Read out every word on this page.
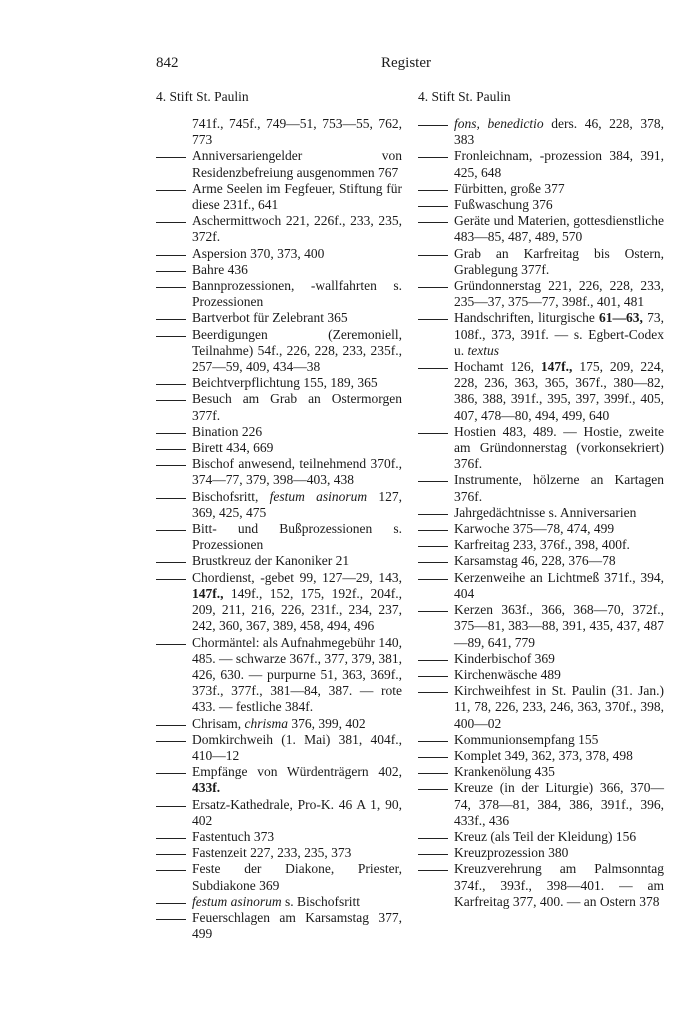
842	Register
4. Stift St. Paulin	4. Stift St. Paulin
741f., 745f., 749—51, 753—55, 762, 773
Anniversariengelder von Residenzbefreiung ausgenommen 767
Arme Seelen im Fegfeuer, Stiftung für diese 231f., 641
Aschermittwoch 221, 226f., 233, 235, 372f.
Aspersion 370, 373, 400
Bahre 436
Bannprozessionen, -wallfahrten s. Prozessionen
Bartverbot für Zelebrant 365
Beerdigungen (Zeremoniell, Teilnahme) 54f., 226, 228, 233, 235f., 257—59, 409, 434—38
Beichtverpflichtung 155, 189, 365
Besuch am Grab an Ostermorgen 377f.
Bination 226
Birett 434, 669
Bischof anwesend, teilnehmend 370f., 374—77, 379, 398—403, 438
Bischofsritt, festum asinorum 127, 369, 425, 475
Bitt- und Bußprozessionen s. Prozessionen
Brustkreuz der Kanoniker 21
Chordienst, -gebet 99, 127—29, 143, 147f., 149f., 152, 175, 192f., 204f., 209, 211, 216, 226, 231f., 234, 237, 242, 360, 367, 389, 458, 494, 496
Chormäntel: als Aufnahmegebühr 140, 485. — schwarze 367f., 377, 379, 381, 426, 630. — purpurne 51, 363, 369f., 373f., 377f., 381—84, 387. — rote 433. — festliche 384f.
Chrisam, chrisma 376, 399, 402
Domkirchweih (1. Mai) 381, 404f., 410—12
Empfänge von Würdenträgern 402, 433f.
Ersatz-Kathedrale, Pro-K. 46 A 1, 90, 402
Fastentuch 373
Fastenzeit 227, 233, 235, 373
Feste der Diakone, Priester, Subdiakone 369
festum asinorum s. Bischofsritt
Feuerschlagen am Karsamstag 377, 499
fons, benedictio ders. 46, 228, 378, 383
Fronleichnam, -prozession 384, 391, 425, 648
Fürbitten, große 377
Fußwaschung 376
Geräte und Materien, gottesdienstliche 483—85, 487, 489, 570
Grab an Karfreitag bis Ostern, Grablegung 377f.
Gründonnerstag 221, 226, 228, 233, 235—37, 375—77, 398f., 401, 481
Handschriften, liturgische 61—63, 73, 108f., 373, 391f. — s. Egbert-Codex u. textus
Hochamt 126, 147f., 175, 209, 224, 228, 236, 363, 365, 367f., 380—82, 386, 388, 391f., 395, 397, 399f., 405, 407, 478—80, 494, 499, 640
Hostien 483, 489. — Hostie, zweite am Gründonnerstag (vorkonsekriert) 376f.
Instrumente, hölzerne an Kartagen 376f.
Jahrgedächtnisse s. Anniversarien
Karwoche 375—78, 474, 499
Karfreitag 233, 376f., 398, 400f.
Karsamstag 46, 228, 376—78
Kerzenweihe an Lichtmeß 371f., 394, 404
Kerzen 363f., 366, 368—70, 372f., 375—81, 383—88, 391, 435, 437, 487—89, 641, 779
Kinderbischof 369
Kirchenwäsche 489
Kirchweihfest in St. Paulin (31. Jan.) 11, 78, 226, 233, 246, 363, 370f., 398, 400—02
Kommunionsempfang 155
Komplet 349, 362, 373, 378, 498
Krankenölung 435
Kreuze (in der Liturgie) 366, 370—74, 378—81, 384, 386, 391f., 396, 433f., 436
Kreuz (als Teil der Kleidung) 156
Kreuzprozession 380
Kreuzverehrung am Palmsonntag 374f., 393f., 398—401. — am Karfreitag 377, 400. — an Ostern 378
